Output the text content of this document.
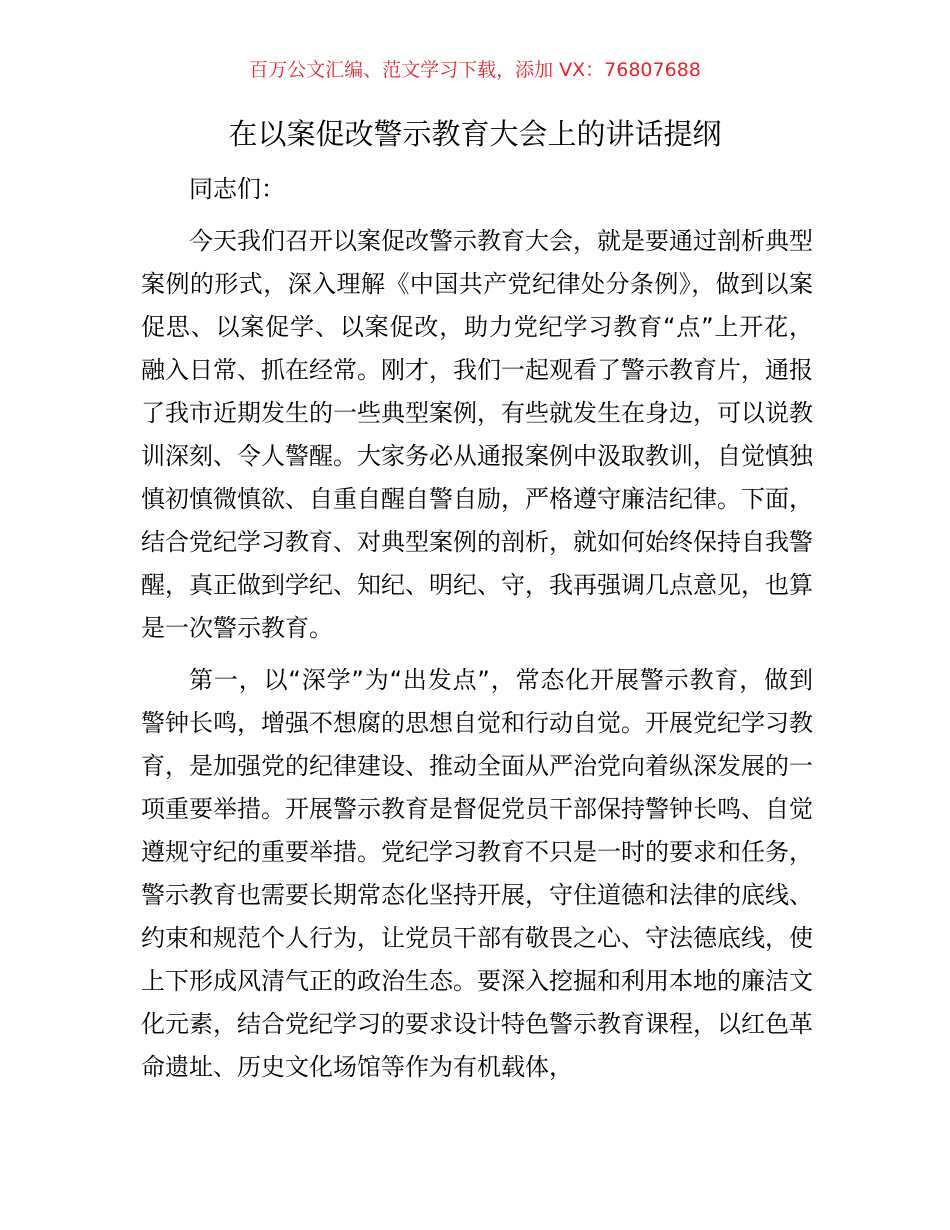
百万公文汇编、范文学习下载，添加 VX：76807688
在以案促改警示教育大会上的讲话提纲

同志们：

今天我们召开以案促改警示教育大会，就是要通过剖析典型案例的形式，深入理解《中国共产党纪律处分条例》，做到以案促思、以案促学、以案促改，助力党纪学习教育“点”上开花，融入日常、抓在经常。刚才，我们一起观看了警示教育片，通报了我市近期发生的一些典型案例，有些就发生在身边，可以说教训深刻、令人警醒。大家务必从通报案例中汲取教训，自觉慎独慎初慎微慎欲、自重自醒自警自励，严格遵守廉洁纪律。下面，结合党纪学习教育、对典型案例的剖析，就如何始终保持自我警醒，真正做到学纪、知纪、明纪、守，我再强调几点意见，也算是一次警示教育。

第一，以“深学”为“出发点”，常态化开展警示教育，做到警钟长鸣，增强不想腐的思想自觉和行动自觉。开展党纪学习教育，是加强党的纪律建设、推动全面从严治党向着纵深发展的一项重要举措。开展警示教育是督促党员干部保持警钟长鸣、自觉遵规守纪的重要举措。党纪学习教育不只是一时的要求和任务，警示教育也需要长期常态化坚持开展，守住道德和法律的底线、约束和规范个人行为，让党员干部有敬畏之心、守法德底线，使上下形成风清气正的政治生态。要深入挖掘和利用本地的廉洁文化元素，结合党纪学习的要求设计特色警示教育课程，以红色革命遗址、历史文化场馆等作为有机载体，
